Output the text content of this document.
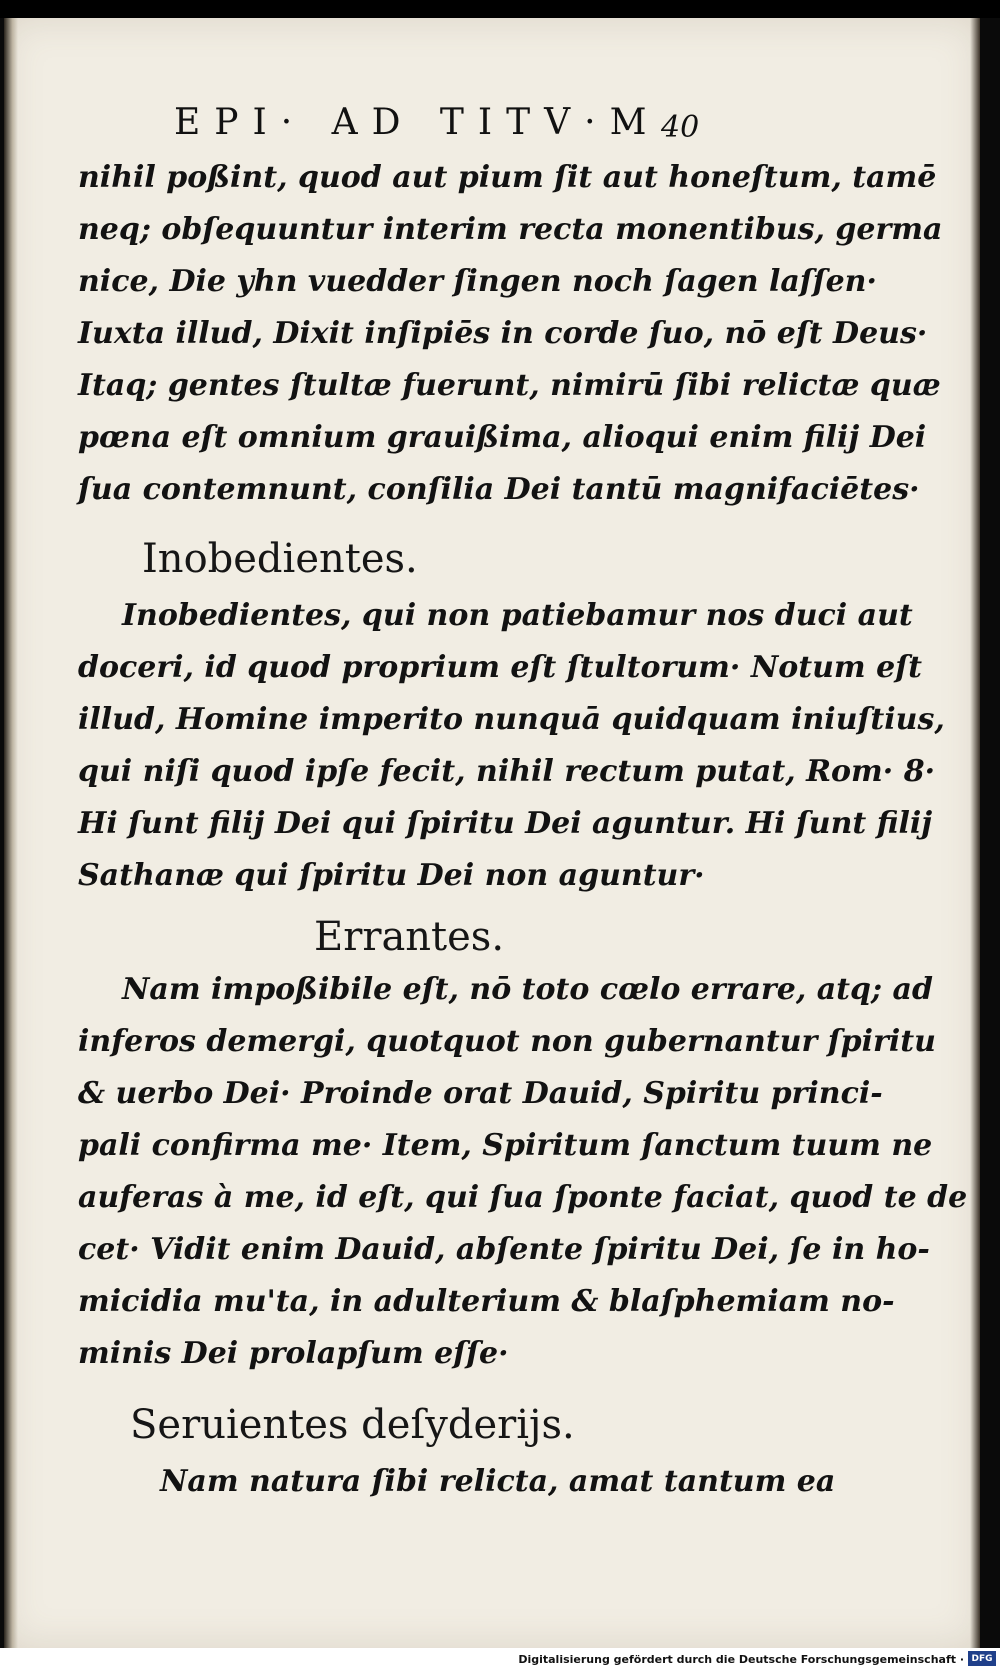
EPI· AD TITV·M 40
nihil poßint, quod aut pium ſit aut honeſtum, tamē
neq; obſequuntur interim recta monentibus, germa
nice, Die yhn vuedder ſingen noch ſagen laſſen·
Iuxta illud, Dixit inſipiēs in corde ſuo, nō eſt Deus·
Itaq; gentes ſtultæ fuerunt, nimirū ſibi relictæ quæ
pœna eſt omnium grauißima, alioqui enim filij Dei
ſua contemnunt, conſilia Dei tantū magnifaciētes·
Inobedientes.
Inobedientes, qui non patiebamur nos duci aut
doceri, id quod proprium eſt ſtultorum· Notum eſt
illud, Homine imperito nunquā quidquam iniuſtius,
qui niſi quod ipſe fecit, nihil rectum putat, Rom· 8·
Hi ſunt filij Dei qui ſpiritu Dei aguntur. Hi ſunt filij
Sathanæ qui ſpiritu Dei non aguntur·
Errantes.
Nam impoßibile eſt, nō toto cœlo errare, atq; ad
inferos demergi, quotquot non gubernantur ſpiritu
& uerbo Dei· Proinde orat Dauid, Spiritu princi-
pali confirma me· Item, Spiritum ſanctum tuum ne
auferas à me, id eſt, qui ſua ſponte faciat, quod te de
cet· Vidit enim Dauid, abſente ſpiritu Dei, ſe in ho-
micidia mu'ta, in adulterium & blaſphemiam no-
minis Dei prolapſum eſſe·
Seruientes deſyderijs.
Nam natura ſibi relicta, amat tantum ea
Digitalisierung gefördert durch die Deutsche Forschungsgemeinschaft · DFG
